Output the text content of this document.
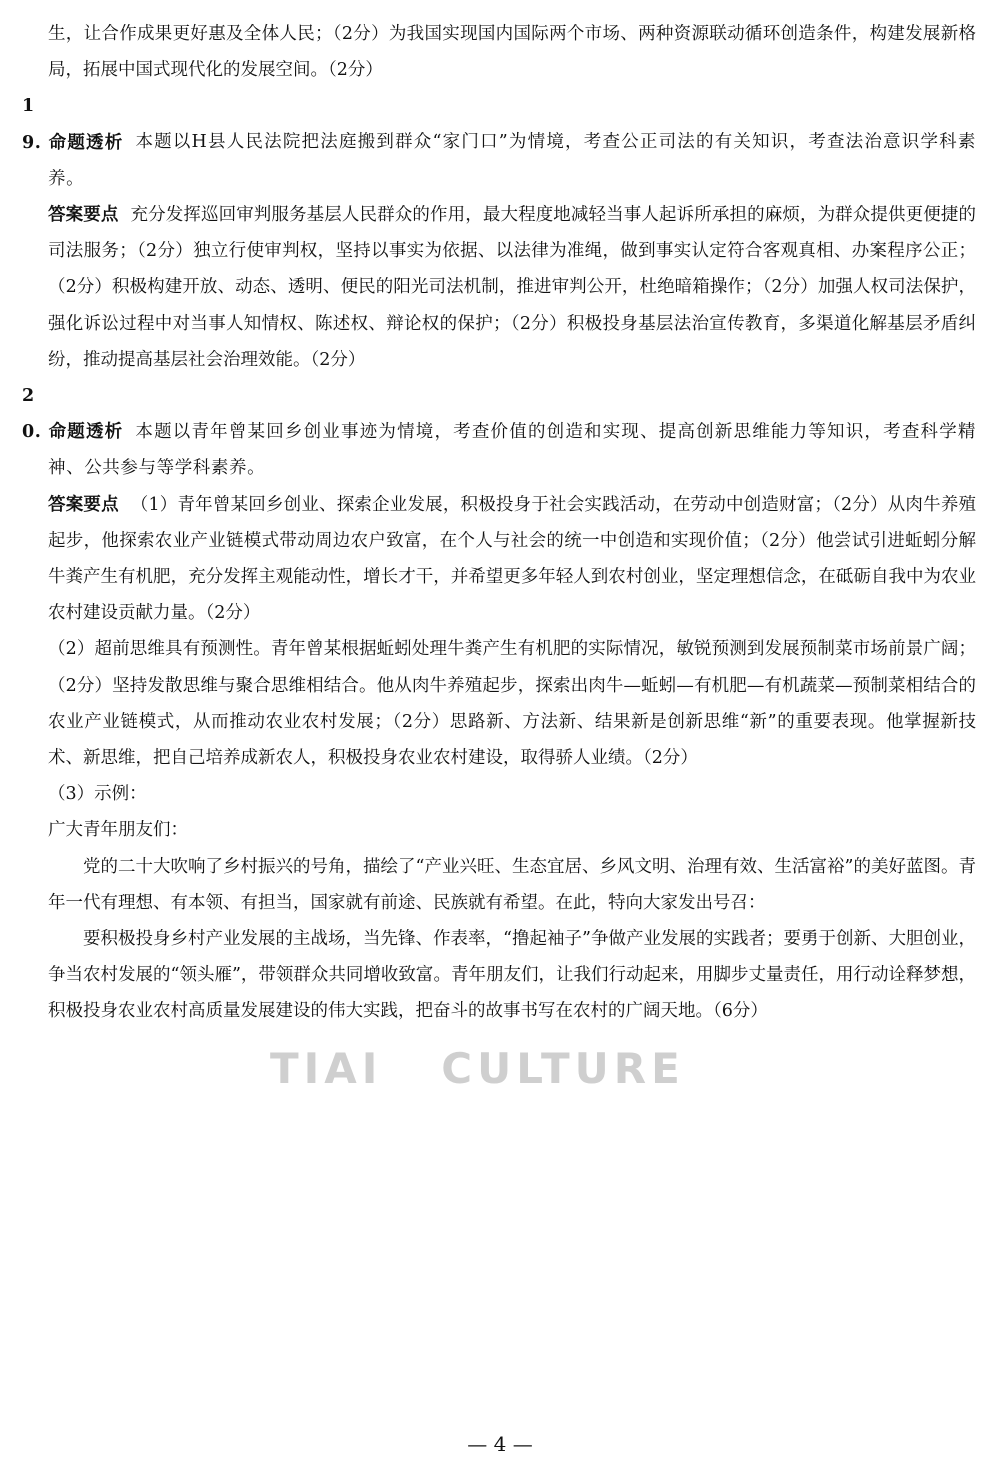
生，让合作成果更好惠及全体人民；（2分）为我国实现国内国际两个市场、两种资源联动循环创造条件，构建发展新格局，拓展中国式现代化的发展空间。（2分）

19. 命题透析 本题以H县人民法院把法庭搬到群众“家门口”为情境，考查公正司法的有关知识，考查法治意识学科素养。

答案要点 充分发挥巡回审判服务基层人民群众的作用，最大程度地减轻当事人起诉所承担的麻烦，为群众提供更便捷的司法服务；（2分）独立行使审判权，坚持以事实为依据、以法律为准绳，做到事实认定符合客观真相、办案程序公正；（2分）积极构建开放、动态、透明、便民的阳光司法机制，推进审判公开，杜绝暗箱操作；（2分）加强人权司法保护，强化诉讼过程中对当事人知情权、陈述权、辩论权的保护；（2分）积极投身基层法治宣传教育，多渠道化解基层矛盾纠纷，推动提高基层社会治理效能。（2分）

20. 命题透析 本题以青年曾某回乡创业事迹为情境，考查价值的创造和实现、提高创新思维能力等知识，考查科学精神、公共参与等学科素养。

答案要点 （1）青年曾某回乡创业、探索企业发展，积极投身于社会实践活动，在劳动中创造财富；（2分）从肉牛养殖起步，他探索农业产业链模式带动周边农户致富，在个人与社会的统一中创造和实现价值；（2分）他尝试引进蚯蚓分解牛粪产生有机肥，充分发挥主观能动性，增长才干，并希望更多年轻人到农村创业，坚定理想信念，在砥砺自我中为农业农村建设贡献力量。（2分）

（2）超前思维具有预测性。青年曾某根据蚯蚓处理牛粪产生有机肥的实际情况，敏锐预测到发展预制菜市场前景广阔；（2分）坚持发散思维与聚合思维相结合。他从肉牛养殖起步，探索出肉牛—蚯蚓—有机肥—有机蔬菜—预制菜相结合的农业产业链模式，从而推动农业农村发展；（2分）思路新、方法新、结果新是创新思维“新”的重要表现。他掌握新技术、新思维，把自己培养成新农人，积极投身农业农村建设，取得骄人业绩。（2分）

（3）示例：

广大青年朋友们：

党的二十大吹响了乡村振兴的号角，描绘了“产业兴旺、生态宜居、乡风文明、治理有效、生活富裕”的美好蓝图。青年一代有理想、有本领、有担当，国家就有前途、民族就有希望。在此，特向大家发出号召：

要积极投身乡村产业发展的主战场，当先锋、作表率，“撸起袖子”争做产业发展的实践者；要勇于创新、大胆创业，争当农村发展的“领头雁”，带领群众共同增收致富。青年朋友们，让我们行动起来，用脚步丈量责任，用行动诠释梦想，积极投身农业农村高质量发展建设的伟大实践，把奋斗的故事书写在农村的广阔天地。（6分）

TIAI   CULTURE
— 4 —
